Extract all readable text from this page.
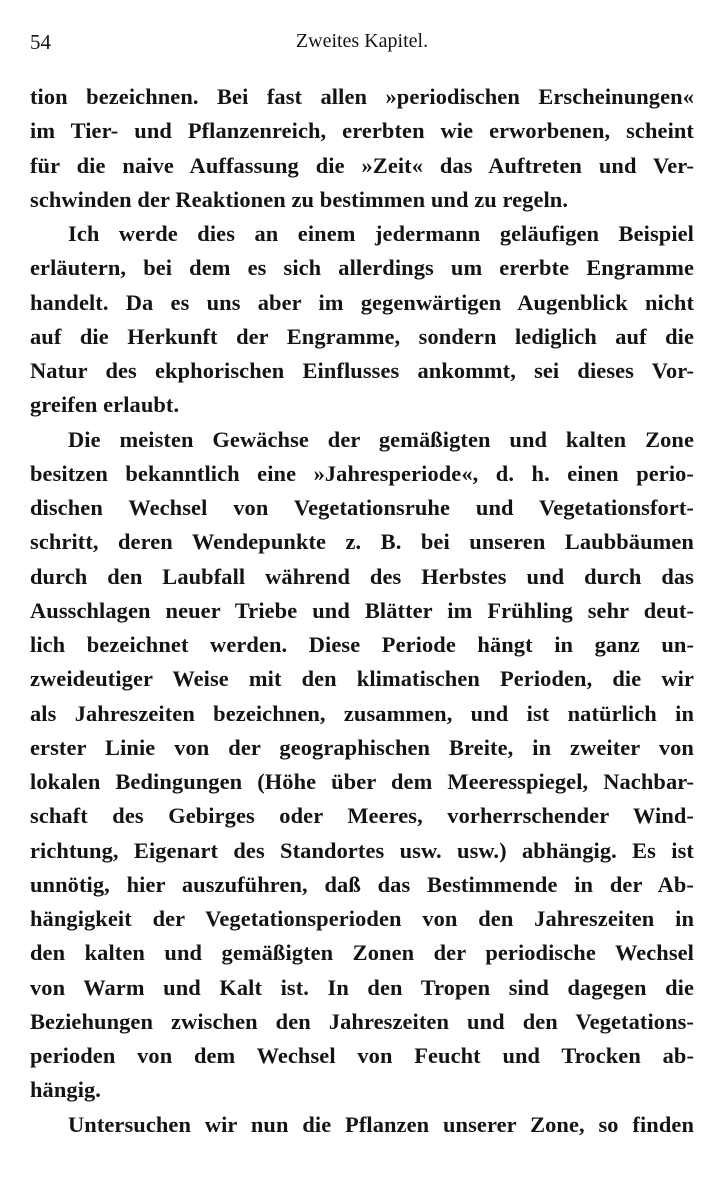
54	Zweites Kapitel.
tion bezeichnen. Bei fast allen »periodischen Erscheinungen«
im Tier- und Pflanzenreich, ererbten wie erworbenen, scheint
für die naive Auffassung die »Zeit« das Auftreten und Ver-
schwinden der Reaktionen zu bestimmen und zu regeln.
Ich werde dies an einem jedermann geläufigen Beispiel
erläutern, bei dem es sich allerdings um ererbte Engramme
handelt. Da es uns aber im gegenwärtigen Augenblick nicht
auf die Herkunft der Engramme, sondern lediglich auf die
Natur des ekphorischen Einflusses ankommt, sei dieses Vor-
greifen erlaubt.
Die meisten Gewächse der gemäßigten und kalten Zone
besitzen bekanntlich eine »Jahresperiode«, d. h. einen perio-
dischen Wechsel von Vegetationsruhe und Vegetationsfort-
schritt, deren Wendepunkte z. B. bei unseren Laubbäumen
durch den Laubfall während des Herbstes und durch das
Ausschlagen neuer Triebe und Blätter im Frühling sehr deut-
lich bezeichnet werden. Diese Periode hängt in ganz un-
zweideutiger Weise mit den klimatischen Perioden, die wir
als Jahreszeiten bezeichnen, zusammen, und ist natürlich in
erster Linie von der geographischen Breite, in zweiter von
lokalen Bedingungen (Höhe über dem Meeresspiegel, Nachbar-
schaft des Gebirges oder Meeres, vorherrschender Wind-
richtung, Eigenart des Standortes usw. usw.) abhängig. Es ist
unnötig, hier auszuführen, daß das Bestimmende in der Ab-
hängigkeit der Vegetationsperioden von den Jahreszeiten in
den kalten und gemäßigten Zonen der periodische Wechsel
von Warm und Kalt ist. In den Tropen sind dagegen die
Beziehungen zwischen den Jahreszeiten und den Vegetations-
perioden von dem Wechsel von Feucht und Trocken ab-
hängig.
Untersuchen wir nun die Pflanzen unserer Zone, so finden
